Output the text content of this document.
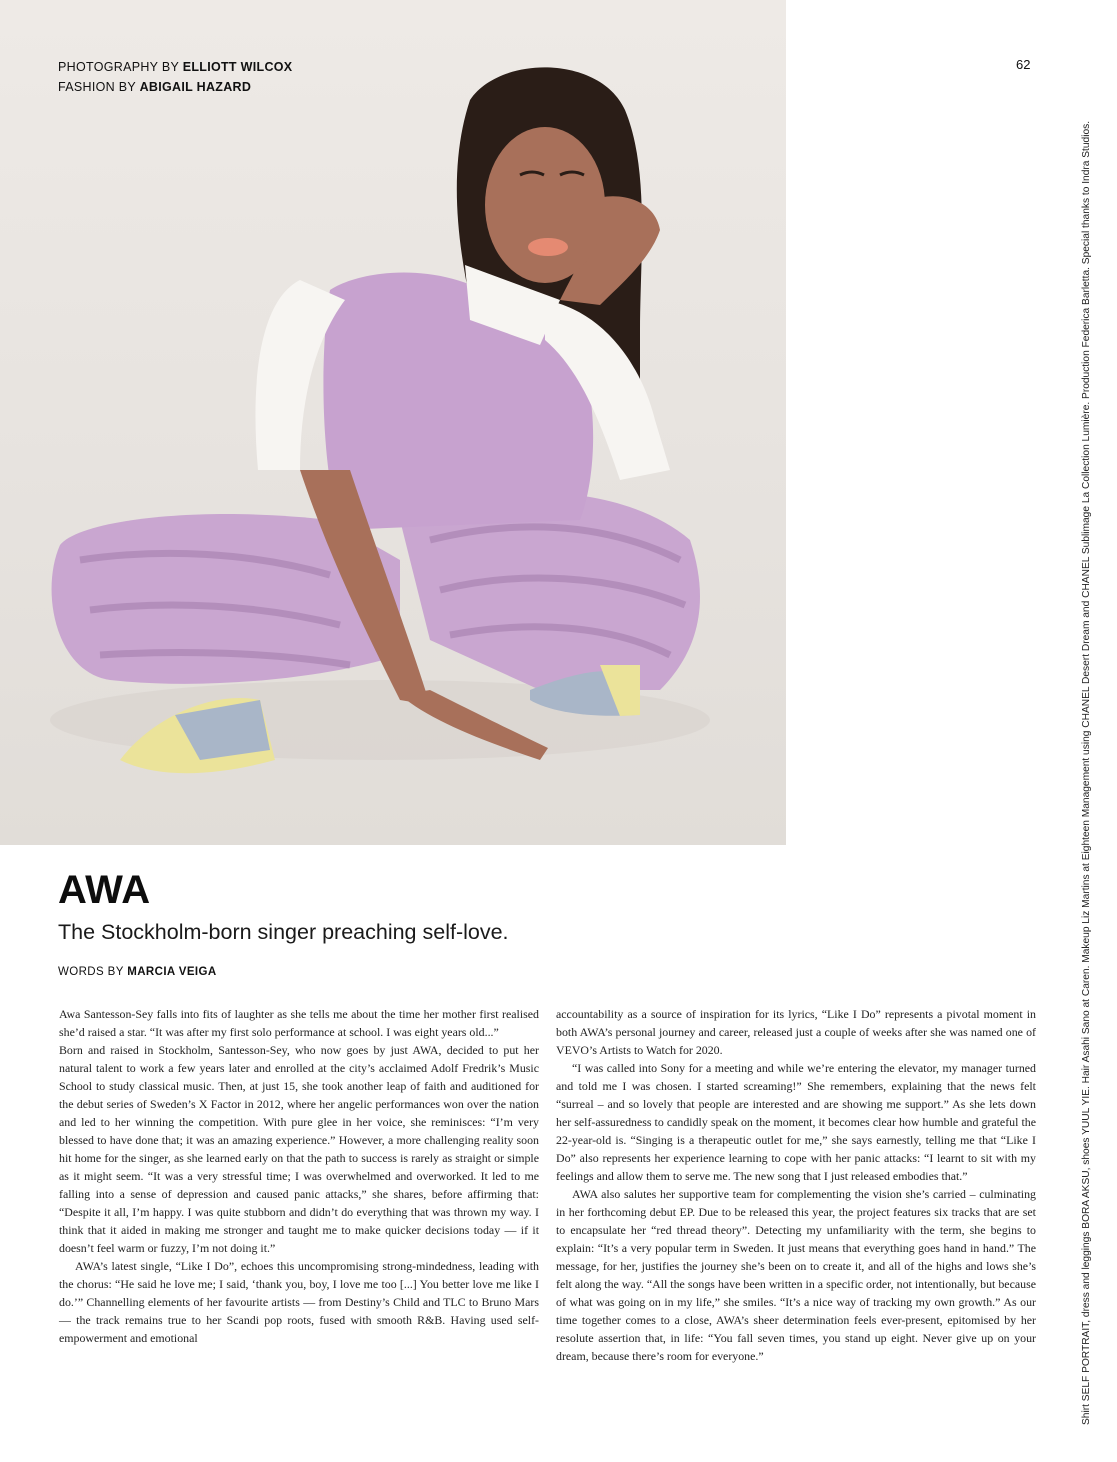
PHOTOGRAPHY BY ELLIOTT WILCOX
FASHION BY ABIGAIL HAZARD
62
Shirt SELF PORTRAIT, dress and leggings BORA AKSU, shoes YUUL YIE. Hair Asahi Sano at Caren. Makeup Liz Martins at Eighteen Management using CHANEL Desert Dream and CHANEL Sublimage La Collection Lumière. Production Federica Barletta. Special thanks to Indra Studios.
AWA
The Stockholm-born singer preaching self-love.
WORDS BY MARCIA VEIGA

Awa Santesson-Sey falls into fits of laughter as she tells me about the time her mother first realised she’d raised a star. “It was after my first solo performance at school. I was eight years old...”

Born and raised in Stockholm, Santesson-Sey, who now goes by just AWA, decided to put her natural talent to work a few years later and enrolled at the city’s acclaimed Adolf Fredrik’s Music School to study classical music. Then, at just 15, she took another leap of faith and auditioned for the debut series of Sweden’s X Factor in 2012, where her angelic performances won over the nation and led to her winning the competition. With pure glee in her voice, she reminisces: “I’m very blessed to have done that; it was an amazing experience.” However, a more challenging reality soon hit home for the singer, as she learned early on that the path to success is rarely as straight or simple as it might seem. “It was a very stressful time; I was overwhelmed and overworked. It led to me falling into a sense of depression and caused panic attacks,” she shares, before affirming that: “Despite it all, I’m happy. I was quite stubborn and didn’t do everything that was thrown my way. I think that it aided in making me stronger and taught me to make quicker decisions today — if it doesn’t feel warm or fuzzy, I’m not doing it.”

AWA’s latest single, “Like I Do”, echoes this uncompromising strong-mindedness, leading with the chorus: “He said he love me; I said, ‘thank you, boy, I love me too [...] You better love me like I do.’” Channelling elements of her favourite artists — from Destiny’s Child and TLC to Bruno Mars — the track remains true to her Scandi pop roots, fused with smooth R&B. Having used self-empowerment and emotional

accountability as a source of inspiration for its lyrics, “Like I Do” represents a pivotal moment in both AWA’s personal journey and career, released just a couple of weeks after she was named one of VEVO’s Artists to Watch for 2020.

“I was called into Sony for a meeting and while we’re entering the elevator, my manager turned and told me I was chosen. I started screaming!” She remembers, explaining that the news felt “surreal – and so lovely that people are interested and are showing me support.” As she lets down her self-assuredness to candidly speak on the moment, it becomes clear how humble and grateful the 22-year-old is. “Singing is a therapeutic outlet for me,” she says earnestly, telling me that “Like I Do” also represents her experience learning to cope with her panic attacks: “I learnt to sit with my feelings and allow them to serve me. The new song that I just released embodies that.”

AWA also salutes her supportive team for complementing the vision she’s carried – culminating in her forthcoming debut EP. Due to be released this year, the project features six tracks that are set to encapsulate her “red thread theory”. Detecting my unfamiliarity with the term, she begins to explain: “It’s a very popular term in Sweden. It just means that everything goes hand in hand.” The message, for her, justifies the journey she’s been on to create it, and all of the highs and lows she’s felt along the way. “All the songs have been written in a specific order, not intentionally, but because of what was going on in my life,” she smiles. “It’s a nice way of tracking my own growth.” As our time together comes to a close, AWA’s sheer determination feels ever-present, epitomised by her resolute assertion that, in life: “You fall seven times, you stand up eight. Never give up on your dream, because there’s room for everyone.”
